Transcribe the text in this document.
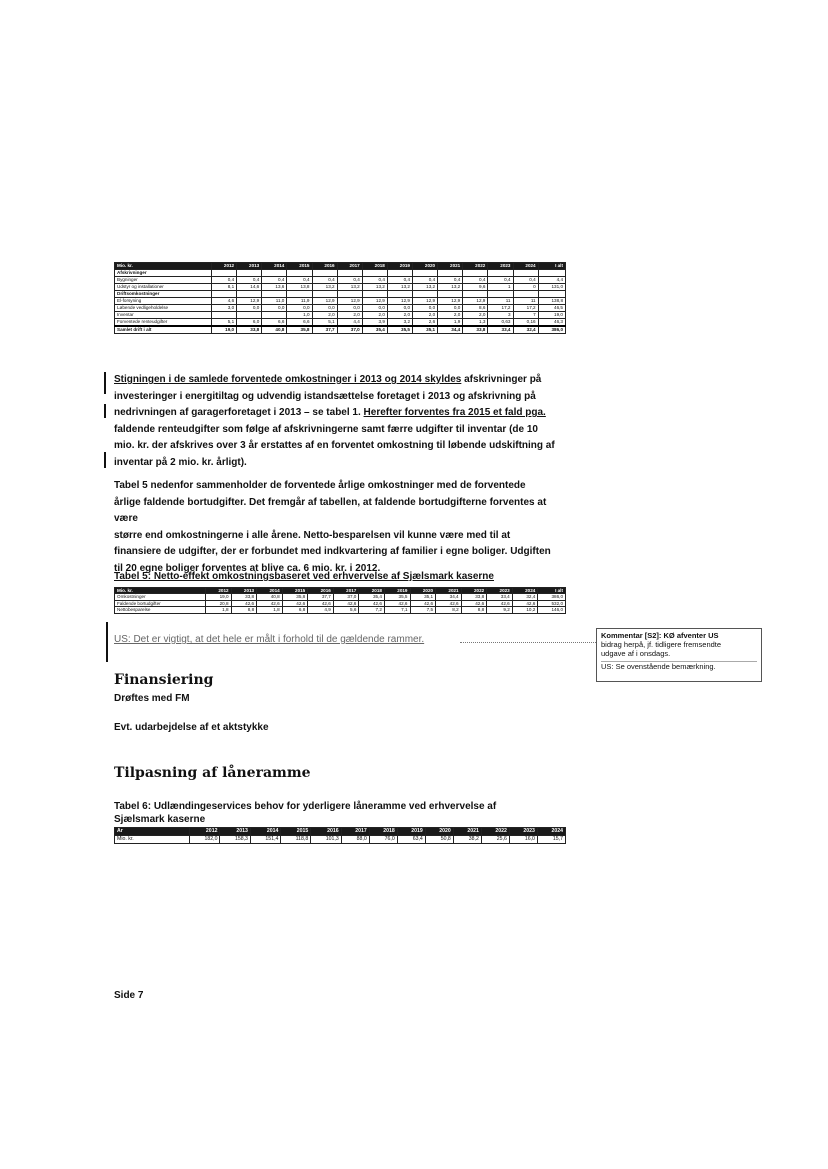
Mio. kr.	2012	2013	2014	2015	2016	2017	2018	2019	2020	2021	2022	2023	2024	I alt
Afskrivninger														
Bygninger	0,4	0,4	0,4	0,4	0,4	0,4	0,4	0,4	0,4	0,4	0,4	0,4	0,4	4,4
Udstyr og installationer	8,1	14,6	13,6	13,8	13,2	13,2	13,2	13,2	13,2	13,2	9,6	1	0	131,0
Driftsomkostninger														
El-forsyning	4,6	12,9	11,0	11,9	12,9	12,9	12,9	12,9	12,9	12,9	12,9	11	11	138,8
Løbende vedligeholdelse	3,0	0,0	0,0	0,0	0,0	0,0	0,0	0,0	0,0	0,0	8,6	17,2	17,2	46,5
Inventar				1,0	2,0	2,0	2,0	2,0	2,0	2,0	2,0	3	7	19,0
Forventede renteudgifter	5,1	6,0	6,6	6,6	5,1	4,4	3,9	3,2	2,6	1,9	1,3	0,63	0,16	46,3
Samlet drift i alt	19,0	33,8	40,8	35,8	37,7	37,0	35,4	35,5	35,1	34,4	33,8	33,4	32,4	386,0
Stigningen i de samlede forventede omkostninger i 2013 og 2014 skyldes afskrivninger på
investeringer i energitiltag og udvendig istandsættelse foretaget i 2013 og afskrivning på
nedrivningen af garagerforetaget i 2013 – se tabel 1. Herefter forventes fra 2015 et fald pga.
faldende renteudgifter som følge af afskrivningerne samt færre udgifter til inventar (de 10
mio. kr. der afskrives over 3 år erstattes af en forventet omkostning til løbende udskiftning af
inventar på 2 mio. kr. årligt).
Tabel 5 nedenfor sammenholder de forventede årlige omkostninger med de forventede
årlige faldende bortudgifter. Det fremgår af tabellen, at faldende bortudgifterne forventes at være
større end omkostningerne i alle årene. Netto-besparelsen vil kunne være med til at
finansiere de udgifter, der er forbundet med indkvartering af familier i egne boliger. Udgiften
til 20 egne boliger forventes at blive ca. 6 mio. kr. i 2012.
Tabel 5: Netto-effekt omkostningsbaseret ved erhvervelse af Sjælsmark kaserne
Mio. kr.	2012	2013	2014	2015	2016	2017	2018	2019	2020	2021	2022	2023	2024	I alt
Omkostninger	19,0	33,8	40,8	35,8	37,7	37,0	35,4	35,5	35,1	34,4	33,8	33,4	32,4	386,0
Faldende bortudgifter	20,8	42,6	42,6	42,6	42,6	42,6	42,6	42,6	42,6	42,6	42,6	42,6	42,6	532,0
Nettobesparelse	1,8	8,8	1,8	6,8	4,9	5,6	7,2	7,1	7,5	8,2	8,8	9,2	10,2	146,0
US: Det er vigtigt, at det hele er målt i forhold til de gældende rammer.	Kommentar [S2]: KØ afventer US
bidrag herpå, jf. tidligere fremsendte
udgave af i onsdags.
US: Se ovenstående bemærkning.
Finansiering
Drøftes med FM
Evt. udarbejdelse af et aktstykke
Tilpasning af låneramme
Tabel 6: Udlændingeservices behov for yderligere låneramme ved erhvervelse af
Sjælsmark kaserne
År	2012	2013	2014	2015	2016	2017	2018	2019	2020	2021	2022	2023	2024
Mio. kr.	182,0	158,3	151,4	118,8	101,3	88,0	76,0	63,4	50,8	38,2	25,6	16,0	15,7
Side 7
